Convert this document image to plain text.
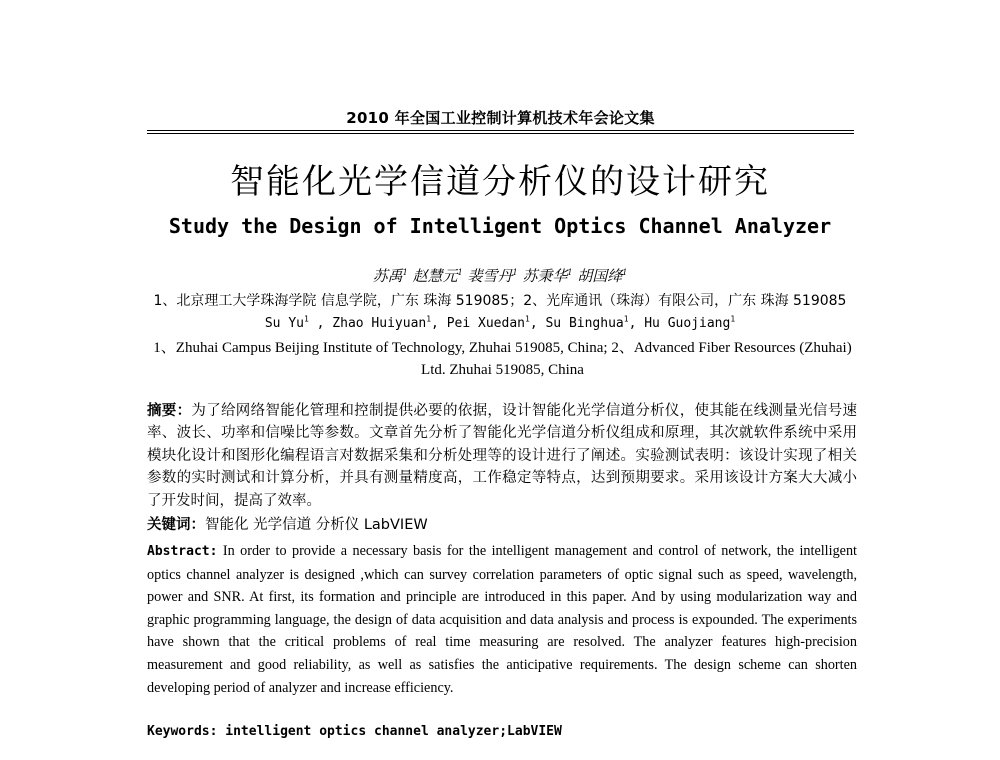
2010 年全国工业控制计算机技术年会论文集
智能化光学信道分析仪的设计研究
Study the Design of Intelligent Optics Channel Analyzer
苏禹$^1$ 赵慧元$^1$ 裴雪丹$^1$ 苏秉华$^1$ 胡国绛$^1$
1、北京理工大学珠海学院 信息学院，广东 珠海 519085；2、光库通讯（珠海）有限公司，广东 珠海 519085
Su Yu$^1$ , Zhao Huiyuan$^1$, Pei Xuedan$^1$, Su Binghua$^1$, Hu Guojiang$^1$
1、Zhuhai Campus Beijing Institute of Technology, Zhuhai 519085, China; 2、Advanced Fiber Resources (Zhuhai) Ltd. Zhuhai 519085, China
摘要：为了给网络智能化管理和控制提供必要的依据，设计智能化光学信道分析仪，使其能在线测量光信号速率、波长、功率和信噪比等参数。文章首先分析了智能化光学信道分析仪组成和原理，其次就软件系统中采用模块化设计和图形化编程语言对数据采集和分析处理等的设计进行了阐述。实验测试表明：该设计实现了相关参数的实时测试和计算分析，并具有测量精度高，工作稳定等特点，达到预期要求。采用该设计方案大大减小了开发时间，提高了效率。
关键词：智能化 光学信道 分析仪 LabVIEW
Abstract: In order to provide a necessary basis for the intelligent management and control of network, the intelligent optics channel analyzer is designed ,which can survey correlation parameters of optic signal such as speed, wavelength, power and SNR. At first, its formation and principle are introduced in this paper. And by using modularization way and graphic programming language, the design of data acquisition and data analysis and process is expounded. The experiments have shown that the critical problems of real time measuring are resolved. The analyzer features high-precision measurement and good reliability, as well as satisfies the anticipative requirements. The design scheme can shorten developing period of analyzer and increase efficiency.
Keywords: intelligent optics channel analyzer;LabVIEW
